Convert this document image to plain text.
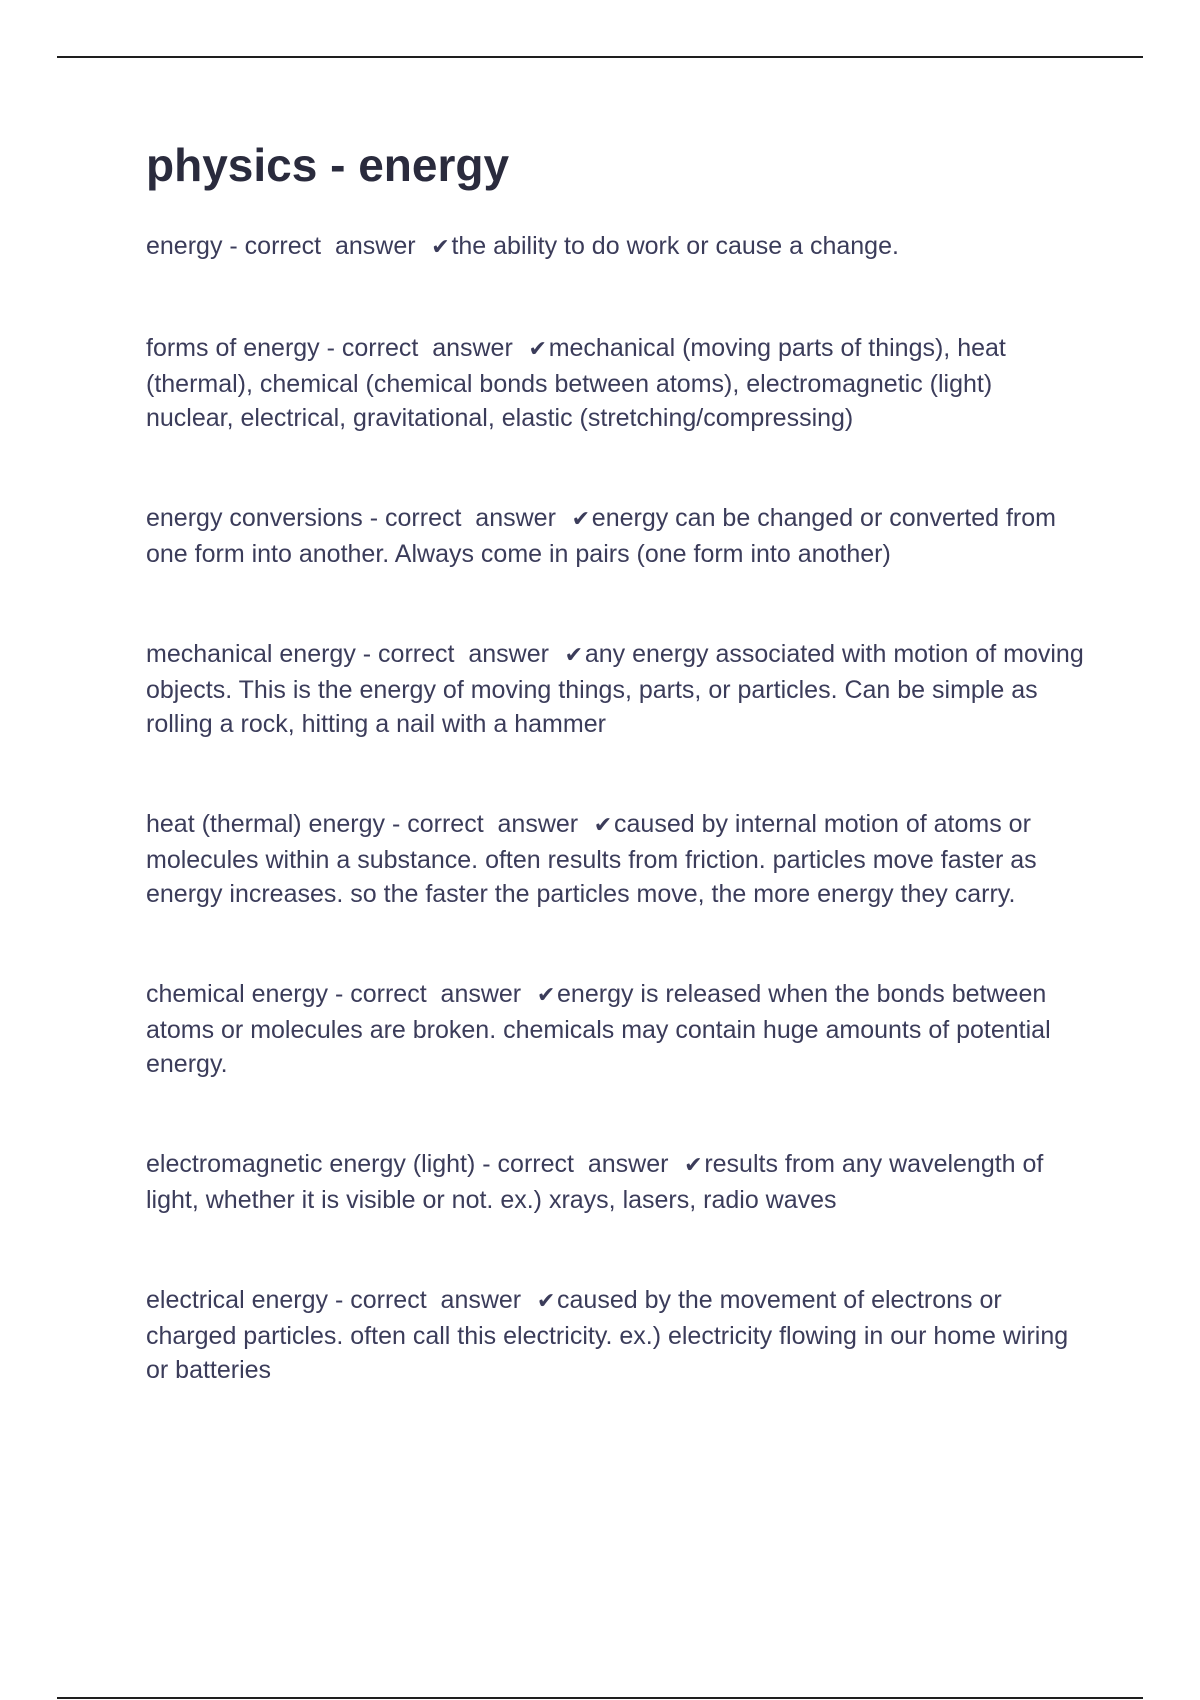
physics - energy

energy - correct  answer  ✔the ability to do work or cause a change.

forms of energy - correct  answer  ✔mechanical (moving parts of things), heat (thermal), chemical (chemical bonds between atoms), electromagnetic (light) nuclear, electrical, gravitational, elastic (stretching/compressing)

energy conversions - correct  answer  ✔energy can be changed or converted from one form into another. Always come in pairs (one form into another)

mechanical energy - correct  answer  ✔any energy associated with motion of moving objects. This is the energy of moving things, parts, or particles. Can be simple as rolling a rock, hitting a nail with a hammer

heat (thermal) energy - correct  answer  ✔caused by internal motion of atoms or molecules within a substance. often results from friction. particles move faster as energy increases. so the faster the particles move, the more energy they carry.

chemical energy - correct  answer  ✔energy is released when the bonds between atoms or molecules are broken. chemicals may contain huge amounts of potential energy.

electromagnetic energy (light) - correct  answer  ✔results from any wavelength of light, whether it is visible or not. ex.) xrays, lasers, radio waves

electrical energy - correct  answer  ✔caused by the movement of electrons or charged particles. often call this electricity. ex.) electricity flowing in our home wiring or batteries
